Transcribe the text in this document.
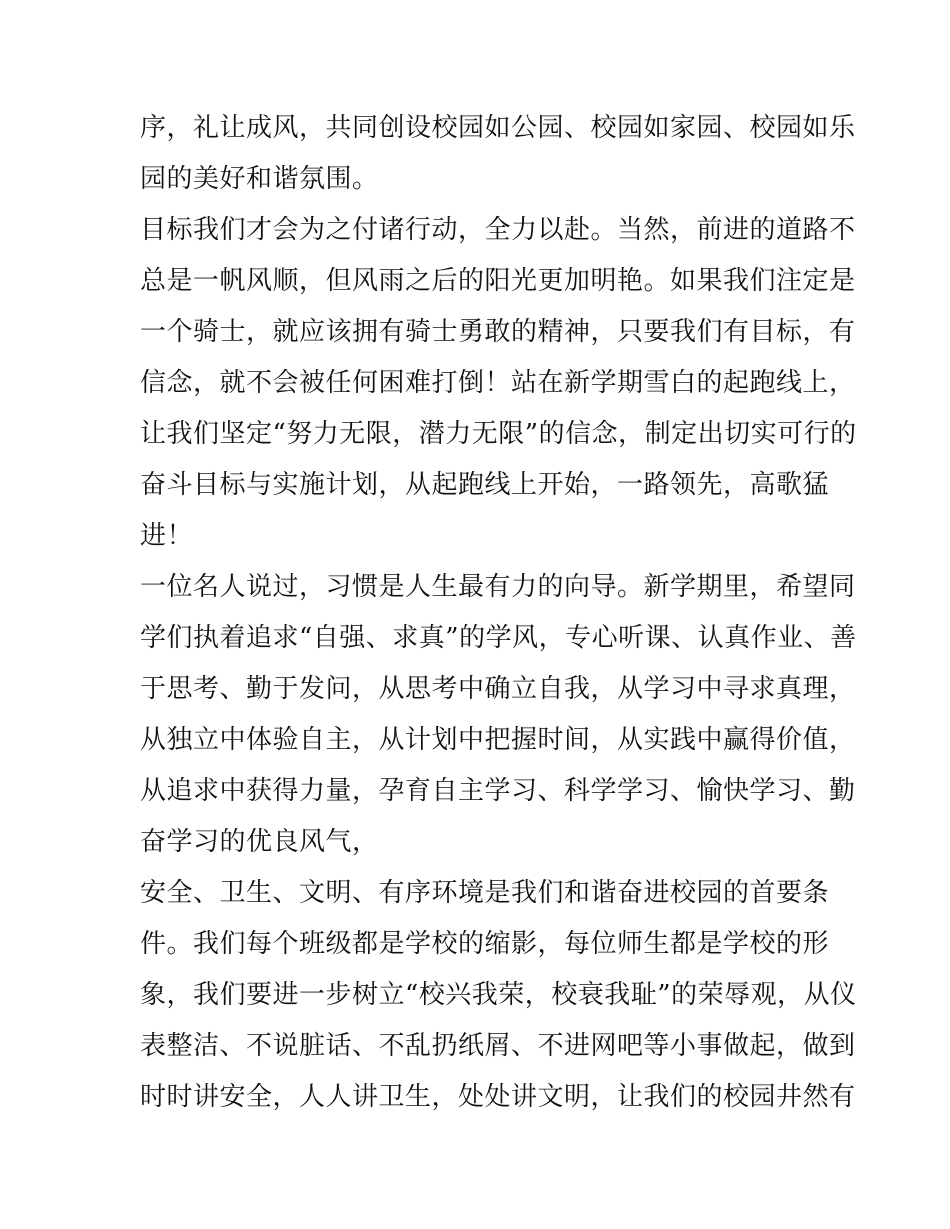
序，礼让成风，共同创设校园如公园、校园如家园、校园如乐
园的美好和谐氛围。
目标我们才会为之付诸行动，全力以赴。当然，前进的道路不
总是一帆风顺，但风雨之后的阳光更加明艳。如果我们注定是
一个骑士，就应该拥有骑士勇敢的精神，只要我们有目标，有
信念，就不会被任何困难打倒！站在新学期雪白的起跑线上，
让我们坚定“努力无限，潜力无限”的信念，制定出切实可行的
奋斗目标与实施计划，从起跑线上开始，一路领先，高歌猛
进！
一位名人说过，习惯是人生最有力的向导。新学期里，希望同
学们执着追求“自强、求真”的学风，专心听课、认真作业、善
于思考、勤于发问，从思考中确立自我，从学习中寻求真理，
从独立中体验自主，从计划中把握时间，从实践中赢得价值，
从追求中获得力量，孕育自主学习、科学学习、愉快学习、勤
奋学习的优良风气，
安全、卫生、文明、有序环境是我们和谐奋进校园的首要条
件。我们每个班级都是学校的缩影，每位师生都是学校的形
象，我们要进一步树立“校兴我荣，校衰我耻”的荣辱观，从仪
表整洁、不说脏话、不乱扔纸屑、不进网吧等小事做起，做到
时时讲安全，人人讲卫生，处处讲文明，让我们的校园井然有
